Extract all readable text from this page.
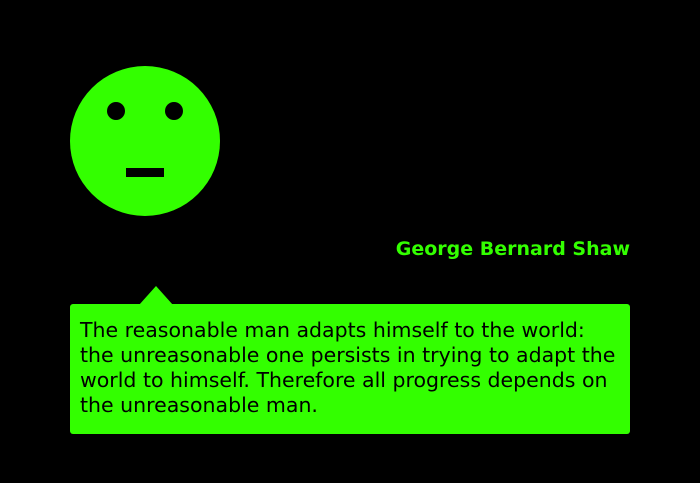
George Bernard Shaw

The reasonable man adapts himself to the world: the unreasonable one persists in trying to adapt the world to himself. Therefore all progress depends on the unreasonable man.
